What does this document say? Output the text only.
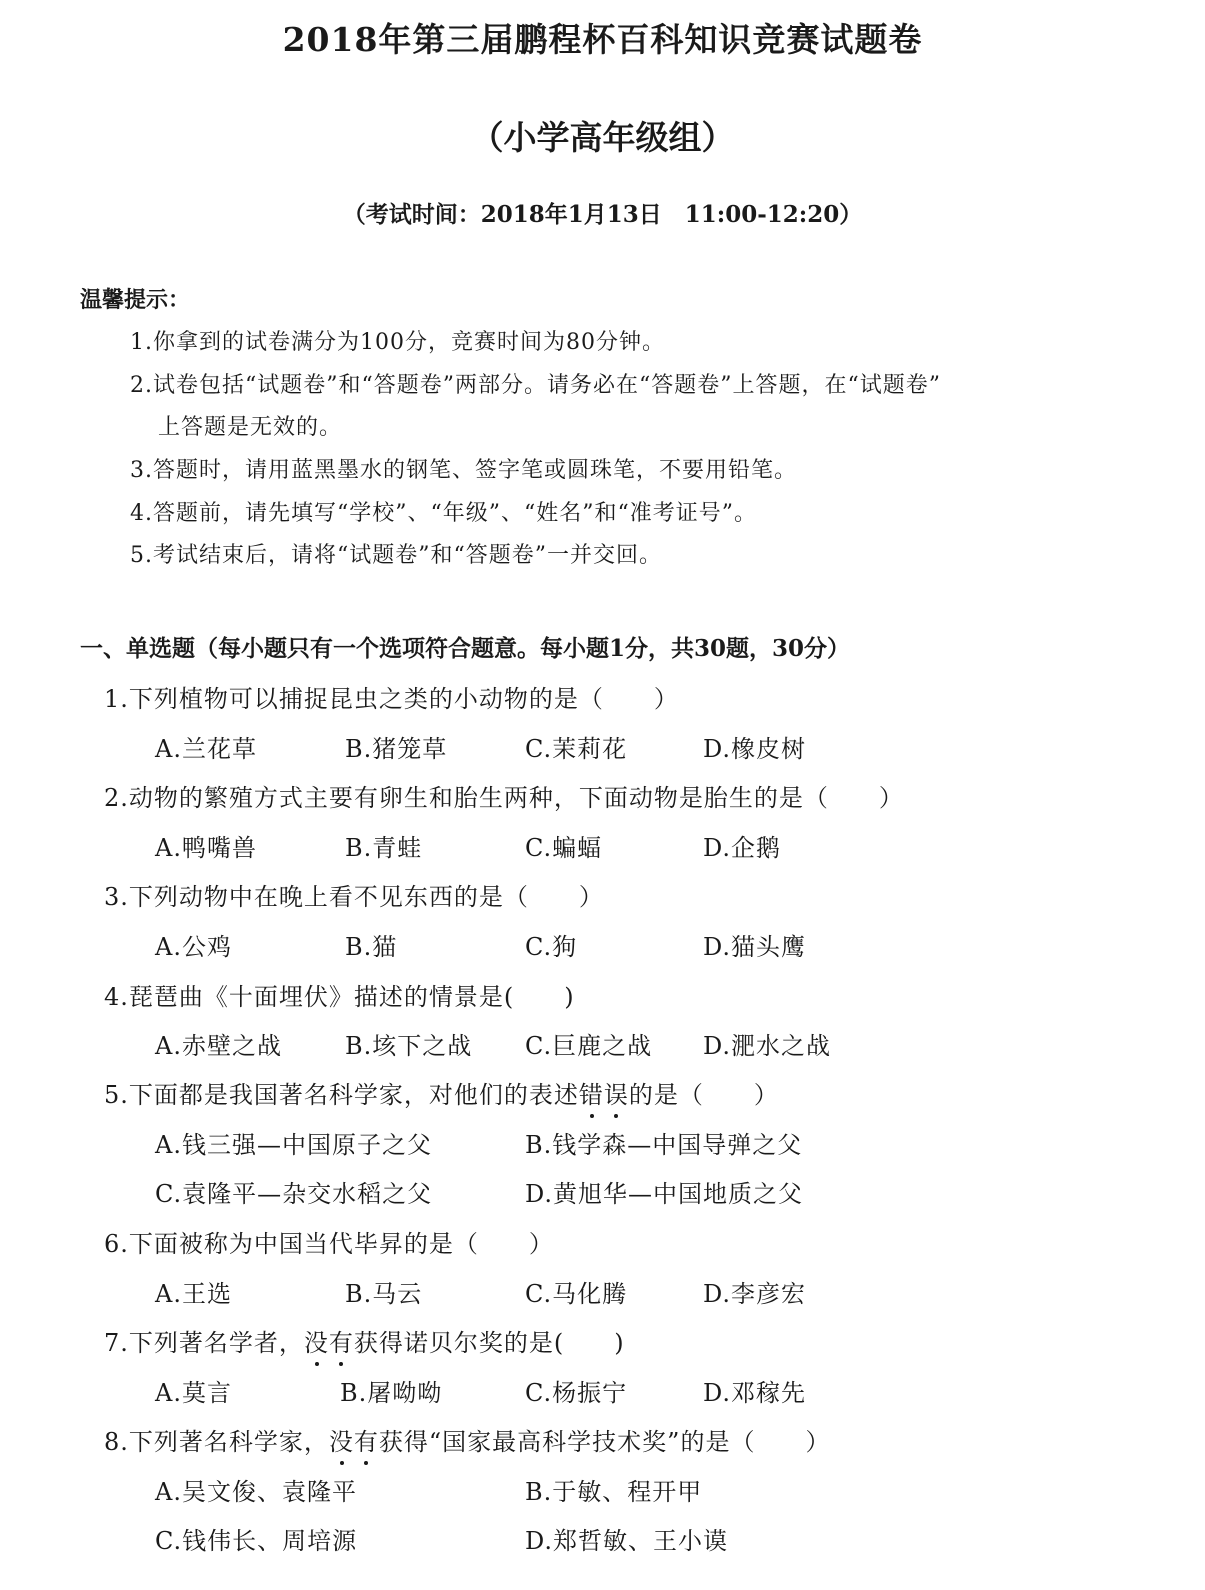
2018年第三届鹏程杯百科知识竞赛试题卷
（小学高年级组）
（考试时间：2018年1月13日　11:00-12:20）
温馨提示：
1.你拿到的试卷满分为100分，竞赛时间为80分钟。
2.试卷包括“试题卷”和“答题卷”两部分。请务必在“答题卷”上答题，在“试题卷”
上答题是无效的。
3.答题时，请用蓝黑墨水的钢笔、签字笔或圆珠笔，不要用铅笔。
4.答题前，请先填写“学校”、“年级”、“姓名”和“准考证号”。
5.考试结束后，请将“试题卷”和“答题卷”一并交回。
一、单选题（每小题只有一个选项符合题意。每小题1分，共30题，30分）
1.下列植物可以捕捉昆虫之类的小动物的是（　　）
A.兰花草	B.猪笼草	C.茉莉花	D.橡皮树
2.动物的繁殖方式主要有卵生和胎生两种，下面动物是胎生的是（　　）
A.鸭嘴兽	B.青蛙	C.蝙蝠	D.企鹅
3.下列动物中在晚上看不见东西的是（　　）
A.公鸡	B.猫	C.狗	D.猫头鹰
4.琵琶曲《十面埋伏》描述的情景是(　　)
A.赤壁之战	B.垓下之战 C.巨鹿之战 D.淝水之战
5.下面都是我国著名科学家，对他们的表述错误
的是（　　）
A.钱三强—中国原子之父	B.钱学森—中国导弹之父
C.袁隆平—杂交水稻之父	D.黄旭华—中国地质之父
6.下面被称为中国当代毕昇的是（　　）
A.王选	B.马云	C.马化腾	D.李彦宏
7.下列著名学者，没有
获得诺贝尔奖的是(　　)
A.莫言	B.屠呦呦	C.杨振宁	D.邓稼先
8.下列著名科学家，没有
获得“国家最高科学技术奖”的是（　　）
A.吴文俊、袁隆平	B.于敏、程开甲
C.钱伟长、周培源	D.郑哲敏、王小谟
